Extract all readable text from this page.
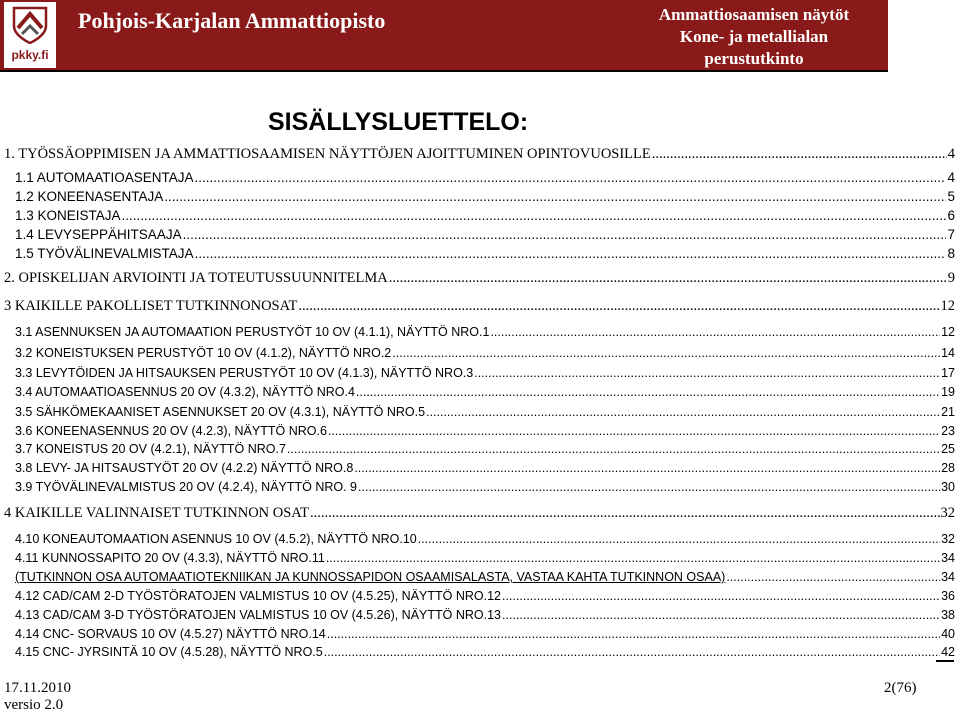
pkky.fi
Pohjois-Karjalan Ammattiopisto	Ammattiosaamisen näytöt
Kone- ja metallialan
perustutkinto
SISÄLLYSLUETTELO:
1. TYÖSSÄOPPIMISEN JA AMMATTIOSAAMISEN NÄYTTÖJEN AJOITTUMINEN OPINTOVUOSILLE .....	4
1.1 AUTOMAATIOASENTAJA .....	4
1.2 KONEENASENTAJA .....	5
1.3 KONEISTAJA .....	6
1.4 LEVYSEPPÄHITSAAJA .....	7
1.5 TYÖVÄLINEVALMISTAJA .....	8
2. OPISKELIJAN ARVIOINTI JA TOTEUTUSSUUNNITELMA .....	9
3 KAIKILLE PAKOLLISET TUTKINNONOSAT .....	12
3.1 ASENNUKSEN JA AUTOMAATION PERUSTYÖT 10 OV (4.1.1), NÄYTTÖ NRO.1 .....	12
3.2 KONEISTUKSEN PERUSTYÖT 10 OV (4.1.2), NÄYTTÖ NRO.2 .....	14
3.3 LEVYTÖIDEN JA HITSAUKSEN PERUSTYÖT 10 OV (4.1.3), NÄYTTÖ NRO.3 .....	17
3.4 AUTOMAATIOASENNUS 20 OV (4.3.2), NÄYTTÖ NRO.4 .....	19
3.5 SÄHKÖMEKAANISET ASENNUKSET 20 OV (4.3.1), NÄYTTÖ NRO.5 .....	21
3.6 KONEENASENNUS 20 OV (4.2.3), NÄYTTÖ NRO.6 .....	23
3.7 KONEISTUS 20 OV (4.2.1), NÄYTTÖ NRO.7 .....	25
3.8 LEVY- JA HITSAUSTYÖT 20 OV (4.2.2) NÄYTTÖ NRO.8 .....	28
3.9 TYÖVÄLINEVALMISTUS 20 OV (4.2.4), NÄYTTÖ NRO. 9 .....	30
4 KAIKILLE VALINNAISET TUTKINNON OSAT .....	32
4.10 KONEAUTOMAATION ASENNUS 10 OV (4.5.2), NÄYTTÖ NRO.10 .....	32
4.11 KUNNOSSAPITO 20 OV (4.3.3), NÄYTTÖ NRO.11 .....	34
(TUTKINNON OSA AUTOMAATIOTEKNIIKAN JA KUNNOSSAPIDON OSAAMISALASTA, VASTAA KAHTA TUTKINNON OSAA) .....	34
4.12 CAD/CAM 2-D TYÖSTÖRATOJEN VALMISTUS 10 OV (4.5.25), NÄYTTÖ NRO.12 .....	36
4.13 CAD/CAM 3-D TYÖSTÖRATOJEN VALMISTUS 10 OV (4.5.26), NÄYTTÖ NRO.13 .....	38
4.14 CNC- SORVAUS 10 OV (4.5.27) NÄYTTÖ NRO.14 .....	40
4.15 CNC- JYRSINTÄ 10 OV (4.5.28), NÄYTTÖ NRO.5 .....	42
17.11.2010
versio 2.0
2(76)
